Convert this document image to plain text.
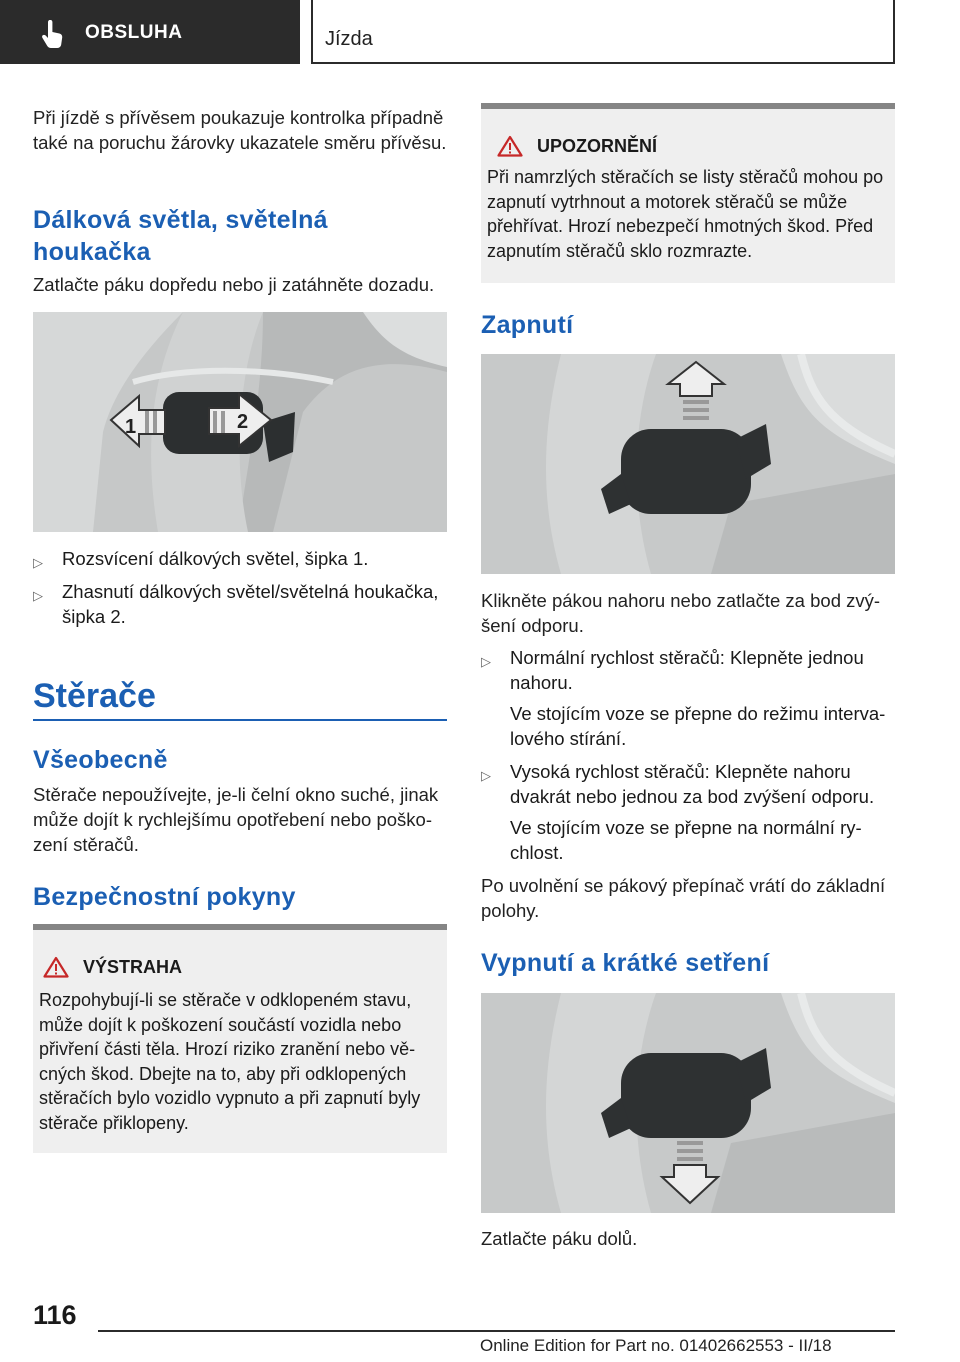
OBSLUHA	Jízda

Při jízdě s přívěsem poukazuje kontrolka případně také na poruchu žárovky ukazatele směru přívěsu.

Dálková světla, světelná houkačka

Zatlačte páku dopředu nebo ji zatáhněte dozadu.

1	2
▷ Rozsvícení dálkových světel, šipka 1.

▷ Zhasnutí dálkových světel/světelná houkačka, šipka 2.

Stěrače
Všeobecně

Stěrače nepoužívejte, je-li čelní okno suché, jinak může dojít k rychlejšímu opotřebení nebo poškození stěračů.

Bezpečnostní pokyny
VÝSTRAHA

Rozpohybují-li se stěrače v odklopeném stavu, může dojít k poškození součástí vozidla nebo přivření části těla. Hrozí riziko zranění nebo věcných škod. Dbejte na to, aby při odklopených stěračích bylo vozidlo vypnuto a při zapnutí byly stěrače přiklopeny.

UPOZORNĚNÍ

Při namrzlých stěračích se listy stěračů mohou po zapnutí vytrhnout a motorek stěračů se může přehřívat. Hrozí nebezpečí hmotných škod. Před zapnutím stěračů sklo rozmrazte.

Zapnutí

Klikněte pákou nahoru nebo zatlačte za bod zvýšení odporu.

▷ Normální rychlost stěračů: Klepněte jednou nahoru.

Ve stojícím voze se přepne do režimu intervalového stírání.

▷ Vysoká rychlost stěračů: Klepněte nahoru dvakrát nebo jednou za bod zvýšení odporu.

Ve stojícím voze se přepne na normální rychlost.

Po uvolnění se pákový přepínač vrátí do základní polohy.

Vypnutí a krátké setření

Zatlačte páku dolů.

116
Online Edition for Part no. 01402662553 - II/18
